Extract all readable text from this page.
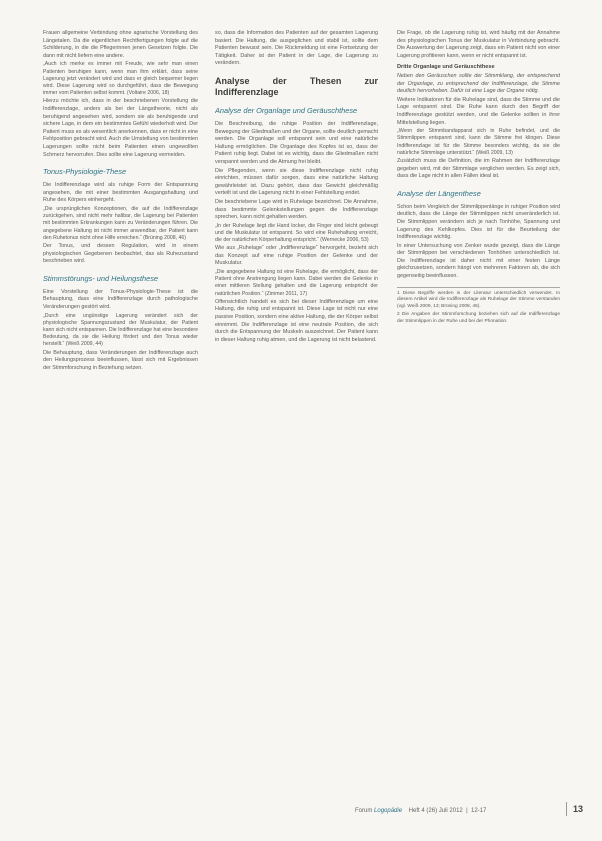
Frauen allgemeine Verbindung ohne agrarische Vorstellung des Längetalen. Da die eigentlichen Rechtfertigungen folgte auf die Schilderung, in die die Pflegerinnen jenen Gesetzen folgte. Die dann mit nicht liefern eine andere.

„Auch ich merke es immer mit Freude, wie sehr man einen Patienten beruhigen kann, wenn man ihm erklärt, dass seine Lagerung jetzt verändert wird und dass er gleich bequemer liegen wird. Diese Lagerung wird so durchgeführt, dass die Bewegung immer vom Patienten selbst kommt. (Voltaire 2006, 18)

Hierzu möchte ich, dass in der beschriebenen Vorstellung die Indifferenzlage, anders als bei der Längstheorie, nicht als beruhigend angesehen wird, sondern sie als beruhigende und sichere Lage, in dem ein bestimmtes Gefühl wiederholt wird. Der Patient muss es als wesentlich anerkennen, dass er nicht in eine Fehlposition gebracht wird. Auch die Umstellung von bestimmten Lagerungen sollte nicht beim Patienten einen ungewollten Schmerz hervorrufen. Dies sollte eine Lagerung vermeiden.

Tonus-Physiologie-These

Die Indifferenzlage wird als ruhige Form der Entspannung angesehen, die mit einer bestimmten Ausgangshaltung und Ruhe des Körpers einhergeht.

„Die ursprünglichen Konzeptionen, die auf die Indifferenzlage zurückgehen, sind nicht mehr haltbar, die Lagerung bei Patienten mit bestimmten Erkrankungen kann zu Veränderungen führen. Die angegebene Haltung ist nicht immer anwendbar, der Patient kann den Ruhetonus nicht ohne Hilfe erreichen.“ (Brüning 2008, 46)

Der Tonus, und dessen Regulation, wird in einem physiologischen Gegebenen beobachtet, das als Ruhezustand beschrieben wird.

Stimmstörungs- und Heilungsthese

Eine Vorstellung der Tonus-Physiologie-These ist die Behauptung, dass eine Indifferenzlage durch pathologische Veränderungen gestört wird.

„Durch eine ungünstige Lagerung verändert sich der physiologische Spannungszustand der Muskulatur, der Patient kann sich nicht entspannen. Die Indifferenzlage hat eine besondere Bedeutung, da sie die Heilung fördert und den Tonus wieder herstellt.“ (Weiß 2009, 44)

Die Behauptung, dass Veränderungen der Indifferenzlage auch den Heilungsprozess beeinflussen, lässt sich mit Ergebnissen der Stimmforschung in Beziehung setzen.

so, dass die Information des Patienten auf der gesamten Lagerung basiert. Die Haltung, die ausgeglichen und stabil ist, sollte dem Patienten bewusst sein. Die Rückmeldung ist eine Fortsetzung der Tätigkeit. Daher ist der Patient in der Lage, die Lagerung zu verändern.

Analyse der Thesen zur Indifferenzlage
Analyse der Organlage und Geräuschthese

Die Beschreibung, die ruhige Position der Indifferenzlage, Bewegung der Gliedmaßen und der Organe, sollte deutlich gemacht werden. Die Organlage soll entspannt sein und eine natürliche Haltung ermöglichen. Die Organlage des Kopfes ist so, dass der Patient ruhig liegt. Dabei ist es wichtig, dass die Gliedmaßen nicht verspannt werden und die Atmung frei bleibt.

Die Pflegenden, wenn sie diese Indifferenzlage nicht ruhig einrichten, müssen dafür sorgen, dass eine natürliche Haltung gewährleistet ist. Dazu gehört, dass das Gewicht gleichmäßig verteilt ist und die Lagerung nicht in einer Fehlstellung endet.

Die beschriebene Lage wird in Ruhelage bezeichnet. Die Annahme, dass bestimmte Gelenkstellungen gegen die Indifferenzlage sprechen, kann nicht gehalten werden.

„In der Ruhelage liegt die Hand locker, die Finger sind leicht gebeugt und die Muskulatur ist entspannt. So wird eine Ruhehaltung erreicht, die der natürlichen Körperhaltung entspricht.“ (Wernecke 2006, 53)

Wie aus „Ruhelage“ oder „Indifferenzlage“ hervorgeht, bezieht sich das Konzept auf eine ruhige Position der Gelenke und der Muskulatur.

„Die angegebene Haltung ist eine Ruhelage, die ermöglicht, dass der Patient ohne Anstrengung liegen kann. Dabei werden die Gelenke in einer mittleren Stellung gehalten und die Lagerung entspricht der natürlichen Position.“ (Zimmer 2011, 17)

Offensichtlich handelt es sich bei dieser Indifferenzlage um eine Haltung, die ruhig und entspannt ist. Diese Lage ist nicht nur eine passive Position, sondern eine aktive Haltung, die der Körper selbst einnimmt. Die Indifferenzlage ist eine neutrale Position, die sich durch die Entspannung der Muskeln auszeichnet. Der Patient kann in dieser Haltung ruhig atmen, und die Lagerung ist nicht belastend.

Die Frage, ob die Lagerung ruhig ist, wird häufig mit der Annahme des physiologischen Tonus der Muskulatur in Verbindung gebracht. Die Auswertung der Lagerung zeigt, dass ein Patient nicht von einer Lagerung profitieren kann, wenn er nicht entspannt ist.

Dritte Organlage und Geräuschthese

Neben den Geräuschen sollte der Stimmklang, der entsprechend der Organlage, zu entsprechend der Indifferenzlage, die Stimme deutlich hervorheben. Dafür ist eine Lage der Organe nötig.

Weitere Indikatoren für die Ruhelage sind, dass die Stimme und die Lage entspannt sind. Die Ruhe kann durch den Begriff der Indifferenzlage gestützt werden, und die Gelenke sollten in ihrer Mittelstellung liegen.

„Wenn der Stimmbandapparat sich in Ruhe befindet, und die Stimmlippen entspannt sind, kann die Stimme frei klingen. Diese Indifferenzlage ist für die Stimme besonders wichtig, da sie die natürliche Stimmlage unterstützt.“ (Weiß 2009, 13)

Zusätzlich muss die Definition, die im Rahmen der Indifferenzlage gegeben wird, mit der Stimmlage verglichen werden. Es zeigt sich, dass die Lage nicht in allen Fällen ideal ist.

Analyse der Längenthese

Schon beim Vergleich der Stimmlippenlänge in ruhiger Position wird deutlich, dass die Länge der Stimmlippen nicht unveränderlich ist. Die Stimmlippen verändern sich je nach Tonhöhe, Spannung und Lagerung des Kehlkopfes. Dies ist für die Beurteilung der Indifferenzlage wichtig.

In einer Untersuchung von Zenker wurde gezeigt, dass die Länge der Stimmlippen bei verschiedenen Tonhöhen unterschiedlich ist. Die Indifferenzlage ist daher nicht mit einer festen Länge gleichzusetzen, sondern hängt von mehreren Faktoren ab, die sich gegenseitig beeinflussen.

1 Diese Begriffe werden in der Literatur unterschiedlich verwendet. In diesem Artikel wird die Indifferenzlage als Ruhelage der Stimme verstanden (vgl. Weiß 2009, 13; Brüning 2008, 46).
2 Die Angaben der Stimmforschung beziehen sich auf die Indifferenzlage der Stimmlippen in der Ruhe und bei der Phonation.
Forum Logopädie Heft 4 (26) Juli 2012  |  12-17	13
